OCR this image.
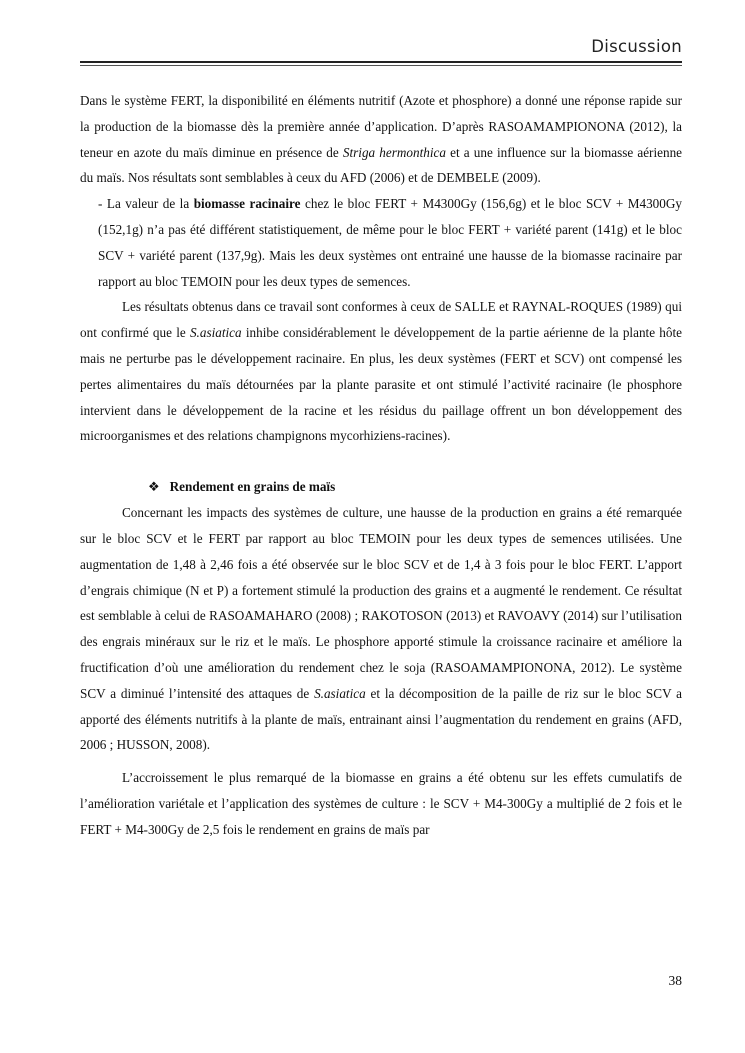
Discussion

Dans le système FERT, la disponibilité en éléments nutritif (Azote et phosphore) a donné une réponse rapide sur la production de la biomasse dès la première année d’application. D’après RASOAMAMPIONONA (2012), la teneur en azote du maïs diminue en présence de Striga hermonthica et a une influence sur la biomasse aérienne du maïs. Nos résultats sont semblables à ceux du AFD (2006) et de DEMBELE (2009).

- La valeur de la biomasse racinaire chez le bloc FERT + M4300Gy (156,6g) et le bloc SCV + M4300Gy (152,1g) n’a pas été différent statistiquement, de même pour le bloc FERT + variété parent (141g) et le bloc SCV + variété parent (137,9g). Mais les deux systèmes ont entrainé une hausse de la biomasse racinaire par rapport au bloc TEMOIN pour les deux types de semences.

Les résultats obtenus dans ce travail sont conformes à ceux de SALLE et RAYNAL-ROQUES (1989) qui ont confirmé que le S.asiatica inhibe considérablement le développement de la partie aérienne de la plante hôte mais ne perturbe pas le développement racinaire. En plus, les deux systèmes (FERT et SCV) ont compensé les pertes alimentaires du maïs détournées par la plante parasite et ont stimulé l’activité racinaire (le phosphore intervient dans le développement de la racine et les résidus du paillage offrent un bon développement des microorganismes et des relations champignons mycorhiziens-racines).

❖ Rendement en grains de maïs

Concernant les impacts des systèmes de culture, une hausse de la production en grains a été remarquée sur le bloc SCV et le FERT par rapport au bloc TEMOIN pour les deux types de semences utilisées. Une augmentation de 1,48 à 2,46 fois a été observée sur le bloc SCV et de 1,4 à 3 fois pour le bloc FERT. L’apport d’engrais chimique (N et P) a fortement stimulé la production des grains et a augmenté le rendement. Ce résultat est semblable à celui de RASOAMAHARO (2008) ; RAKOTOSON (2013) et RAVOAVY (2014) sur l’utilisation des engrais minéraux sur le riz et le maïs. Le phosphore apporté stimule la croissance racinaire et améliore la fructification d’où une amélioration du rendement chez le soja (RASOAMAMPIONONA, 2012). Le système SCV a diminué l’intensité des attaques de S.asiatica et la décomposition de la paille de riz sur le bloc SCV a apporté des éléments nutritifs à la plante de maïs, entrainant ainsi l’augmentation du rendement en grains (AFD, 2006 ; HUSSON, 2008).

L’accroissement le plus remarqué de la biomasse en grains a été obtenu sur les effets cumulatifs de l’amélioration variétale et l’application des systèmes de culture : le SCV + M4-300Gy a multiplié de 2 fois et le FERT + M4-300Gy de 2,5 fois le rendement en grains de maïs par

38
